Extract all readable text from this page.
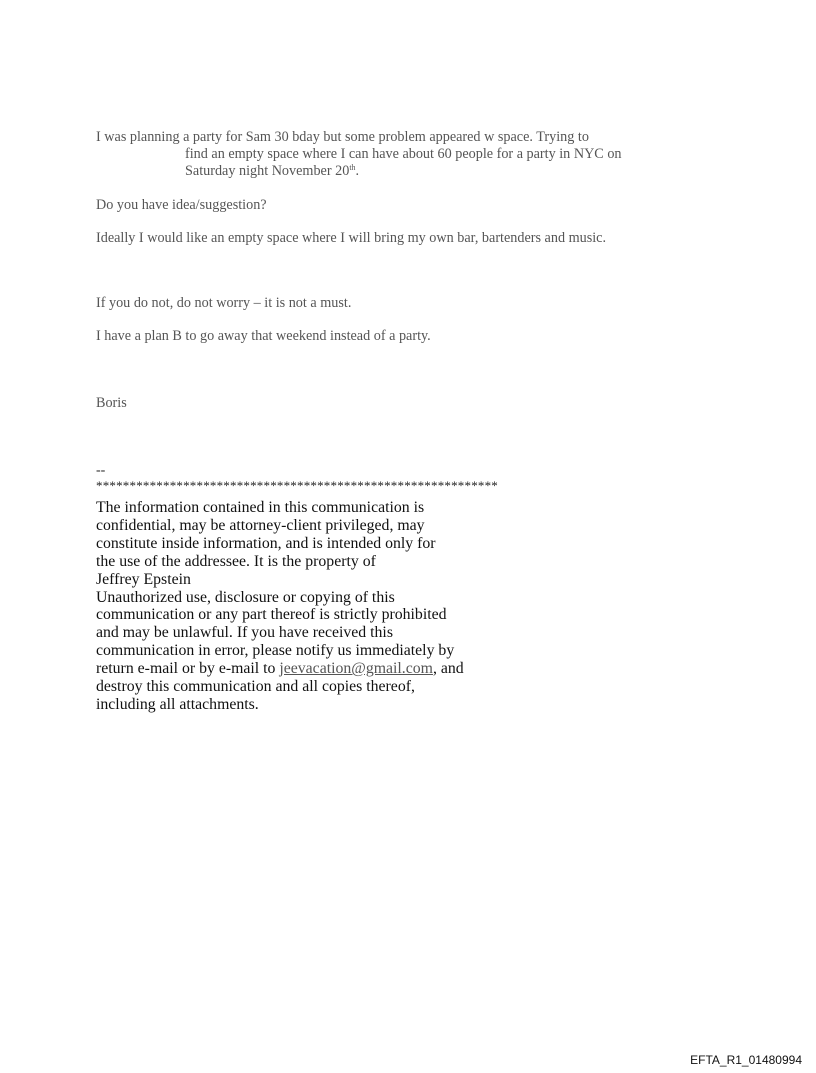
I was planning a party for Sam 30 bday but some problem appeared w space. Trying to
find an empty space where I can have about 60 people for a party in NYC on
Saturday night November 20th.

Do you have idea/suggestion?

Ideally I would like an empty space where I will bring my own bar, bartenders and music.

If you do not, do not worry – it is not a must.

I have a plan B to go away that weekend instead of a party.

Boris

--

************************************************************

The information contained in this communication is
confidential, may be attorney-client privileged, may
constitute inside information, and is intended only for
the use of the addressee. It is the property of
Jeffrey Epstein
Unauthorized use, disclosure or copying of this
communication or any part thereof is strictly prohibited
and may be unlawful. If you have received this
communication in error, please notify us immediately by
return e-mail or by e-mail to jeevacation@gmail.com, and
destroy this communication and all copies thereof,
including all attachments.

EFTA_R1_01480994
